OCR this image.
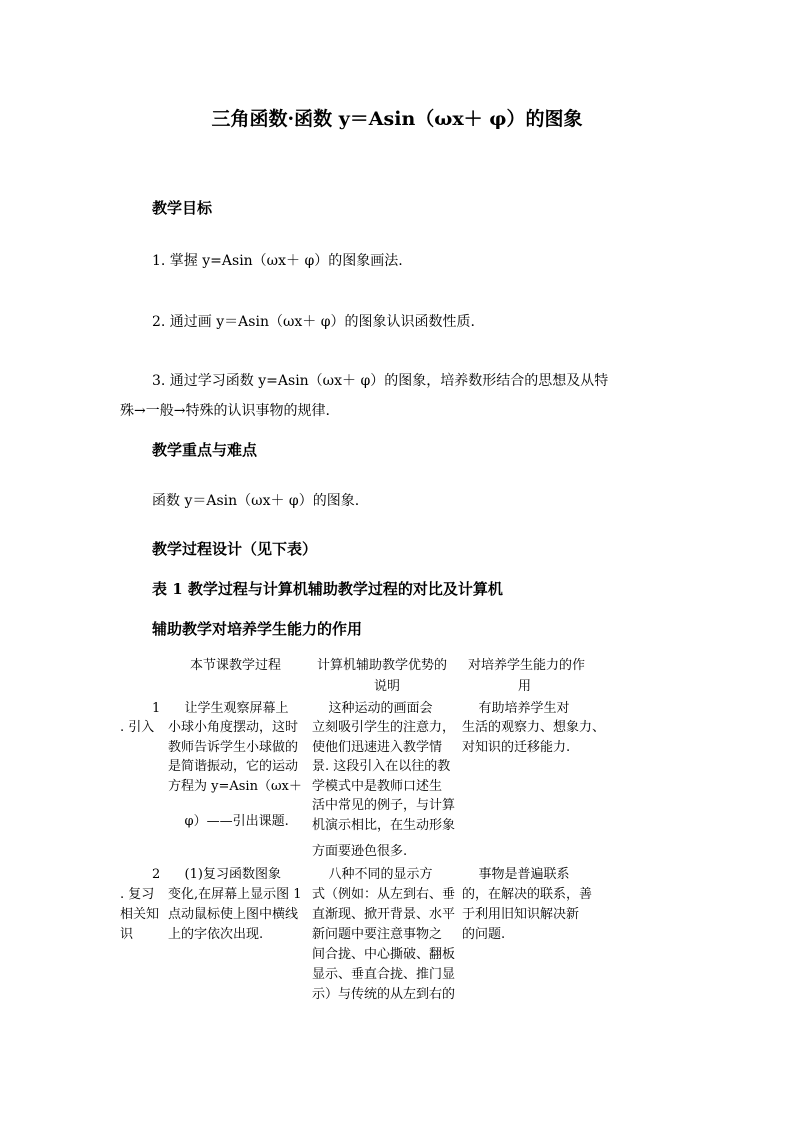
三角函数·函数 y＝Asin（ωx＋ φ）的图象
教学目标
1. 掌握 y=Asin（ωx＋ φ）的图象画法.
2. 通过画 y＝Asin（ωx＋ φ）的图象认识函数性质.
3. 通过学习函数 y=Asin（ωx＋ φ）的图象，培养数形结合的思想及从特
殊→一般→特殊的认识事物的规律.
教学重点与难点
函数 y＝Asin（ωx＋ φ）的图象.
教学过程设计（见下表）
表 1 教学过程与计算机辅助教学过程的对比及计算机
辅助教学对培养学生能力的作用
本节课教学过程	计算机辅助教学优势的
说明
对培养学生能力的作
用
1
. 引入
让学生观察屏幕上
小球小角度摆动，这时
教师告诉学生小球做的
是简谐振动，它的运动
方程为 y=Asin（ωx＋
φ）——引出课题.
这种运动的画面会
立刻吸引学生的注意力，
使他们迅速进入教学情
景. 这段引入在以往的教
学模式中是教师口述生
活中常见的例子，与计算
机演示相比，在生动形象
方面要逊色很多.
有助培养学生对
生活的观察力、想象力、
对知识的迁移能力.
2
. 复习
相关知
识
(1)复习函数图象
变化,在屏幕上显示图 1
点动鼠标使上图中横线
上的字依次出现.
八种不同的显示方
式（例如：从左到右、垂
直渐现、掀开背景、水平
新问题中要注意事物之
间合拢、中心撕破、翻板
显示、垂直合拢、推门显
示）与传统的从左到右的
事物是普遍联系
的，在解决的联系，善
于利用旧知识解决新
的问题.
